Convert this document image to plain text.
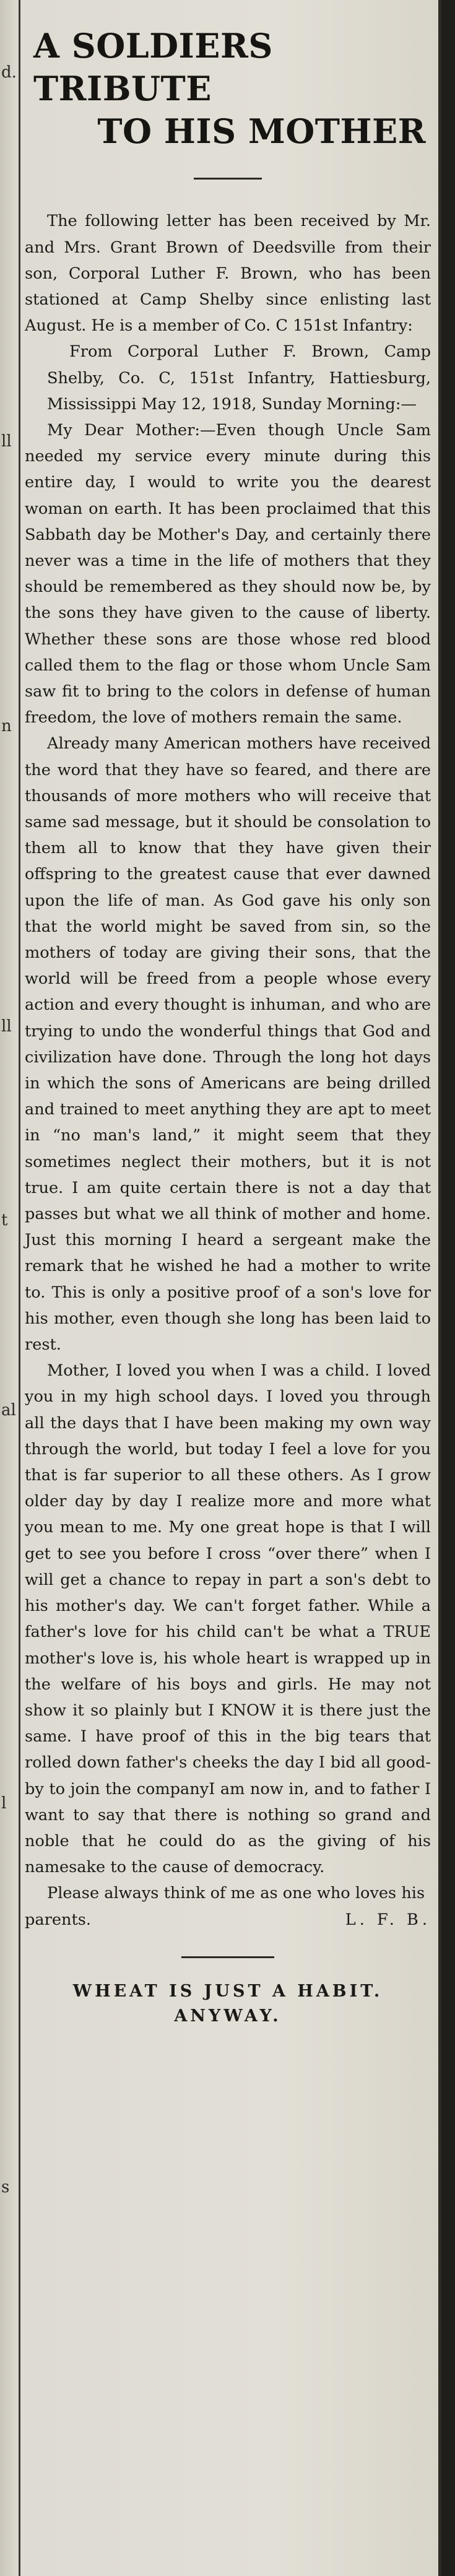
d.
ll
n
ll
t
al
l
s
A SOLDIERS TRIBUTE
TO HIS MOTHER

The following letter has been received by Mr. and Mrs. Grant Brown of Deedsville from their son, Corporal Luther F. Brown, who has been stationed at Camp Shelby since enlisting last August. He is a member of Co. C 151st Infantry:

From Corporal Luther F. Brown, Camp Shelby, Co. C, 151st Infantry, Hattiesburg, Mississippi May 12, 1918, Sunday Morning:—

My Dear Mother:—Even though Uncle Sam needed my service every minute during this entire day, I would to write you the dearest woman on earth. It has been proclaimed that this Sabbath day be Mother's Day, and certainly there never was a time in the life of mothers that they should be remembered as they should now be, by the sons they have given to the cause of liberty. Whether these sons are those whose red blood called them to the flag or those whom Uncle Sam saw fit to bring to the colors in defense of human freedom, the love of mothers remain the same.

Already many American mothers have received the word that they have so feared, and there are thousands of more mothers who will receive that same sad message, but it should be consolation to them all to know that they have given their offspring to the greatest cause that ever dawned upon the life of man. As God gave his only son that the world might be saved from sin, so the mothers of today are giving their sons, that the world will be freed from a people whose every action and every thought is inhuman, and who are trying to undo the wonderful things that God and civilization have done. Through the long hot days in which the sons of Americans are being drilled and trained to meet anything they are apt to meet in “no man's land,” it might seem that they sometimes neglect their mothers, but it is not true. I am quite certain there is not a day that passes but what we all think of mother and home. Just this morning I heard a sergeant make the remark that he wished he had a mother to write to. This is only a positive proof of a son's love for his mother, even though she long has been laid to rest.

Mother, I loved you when I was a child. I loved you in my high school days. I loved you through all the days that I have been making my own way through the world, but today I feel a love for you that is far superior to all these others. As I grow older day by day I realize more and more what you mean to me. My one great hope is that I will get to see you before I cross “over there” when I will get a chance to repay in part a son's debt to his mother's day. We can't forget father. While a father's love for his child can't be what a TRUE mother's love is, his whole heart is wrapped up in the welfare of his boys and girls. He may not show it so plainly but I KNOW it is there just the same. I have proof of this in the big tears that rolled down father's cheeks the day I bid all good-by to join the companyI am now in, and to father I want to say that there is nothing so grand and noble that he could do as the giving of his namesake to the cause of democracy.

Please always think of me as one who loves his parents.	L. F. B.

WHEAT IS JUST A HABIT.
ANYWAY.
